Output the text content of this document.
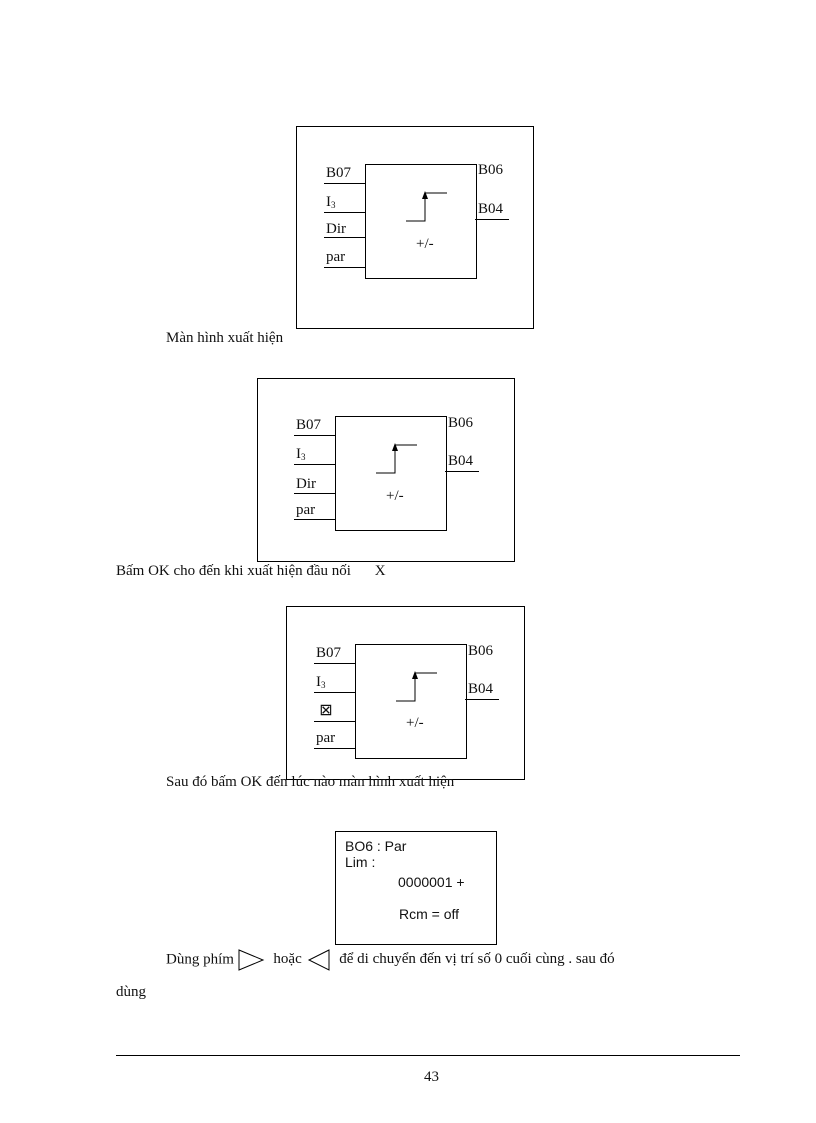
B07
$I_3$
Dir
par
B06
B04
+/-
Màn hình xuất hiện
B07
$I_3$
Dir
par
B06
B04
+/-
Bấm OK cho đến khi xuất hiện đầu nối X
B07
$I_3$
⊠
par
B06
B04
+/-
Sau đó bấm OK đến lúc nào màn hình xuất hiện
BO6 : Par
Lim :
0000001 +
Rcm = off
Dùng phím	hoặc	để di chuyển đến vị trí số 0 cuối cùng . sau đó
dùng
43
